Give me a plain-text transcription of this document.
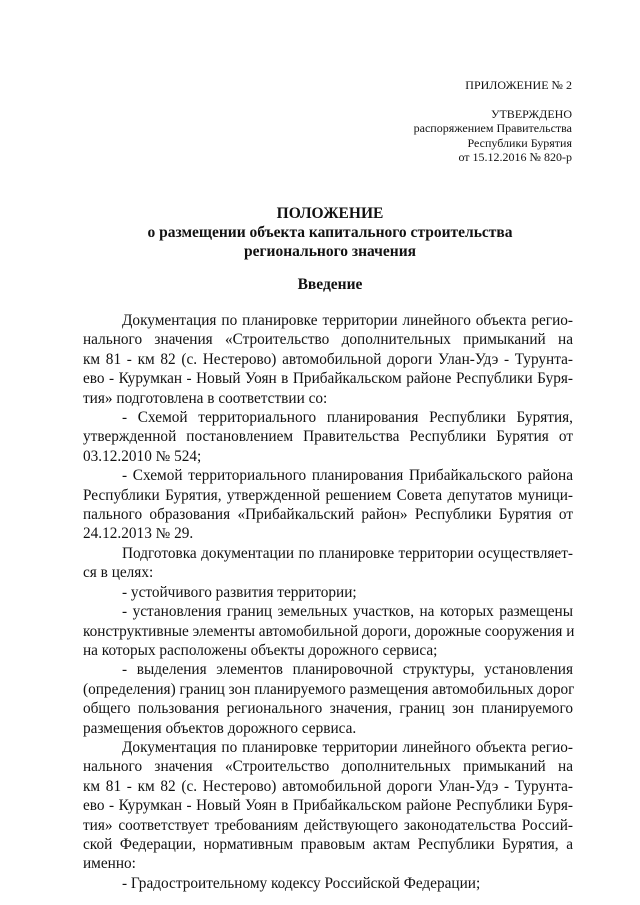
ПРИЛОЖЕНИЕ № 2
УТВЕРЖДЕНО
распоряжением Правительства
Республики Бурятия
от 15.12.2016 № 820-р
ПОЛОЖЕНИЕ
о размещении объекта капитального строительства
регионального значения
Введение
Документация по планировке территории линейного объекта регио-
нального значения «Строительство дополнительных примыканий на
км 81 - км 82 (с. Нестерово) автомобильной дороги Улан-Удэ - Турунта-
ево - Курумкан - Новый Уоян в Прибайкальском районе Республики Буря-
тия» подготовлена в соответствии со:
- Схемой территориального планирования Республики Бурятия,
утвержденной постановлением Правительства Республики Бурятия от
03.12.2010 № 524;
- Схемой территориального планирования Прибайкальского района
Республики Бурятия, утвержденной решением Совета депутатов муници-
пального образования «Прибайкальский район» Республики Бурятия от
24.12.2013 № 29.
Подготовка документации по планировке территории осуществляет-
ся в целях:
- устойчивого развития территории;
- установления границ земельных участков, на которых размещены
конструктивные элементы автомобильной дороги, дорожные сооружения и
на которых расположены объекты дорожного сервиса;
- выделения элементов планировочной структуры, установления
(определения) границ зон планируемого размещения автомобильных дорог
общего пользования регионального значения, границ зон планируемого
размещения объектов дорожного сервиса.
Документация по планировке территории линейного объекта регио-
нального значения «Строительство дополнительных примыканий на
км 81 - км 82 (с. Нестерово) автомобильной дороги Улан-Удэ - Турунта-
ево - Курумкан - Новый Уоян в Прибайкальском районе Республики Буря-
тия» соответствует требованиям действующего законодательства Россий-
ской Федерации, нормативным правовым актам Республики Бурятия, а
именно:
- Градостроительному кодексу Российской Федерации;
